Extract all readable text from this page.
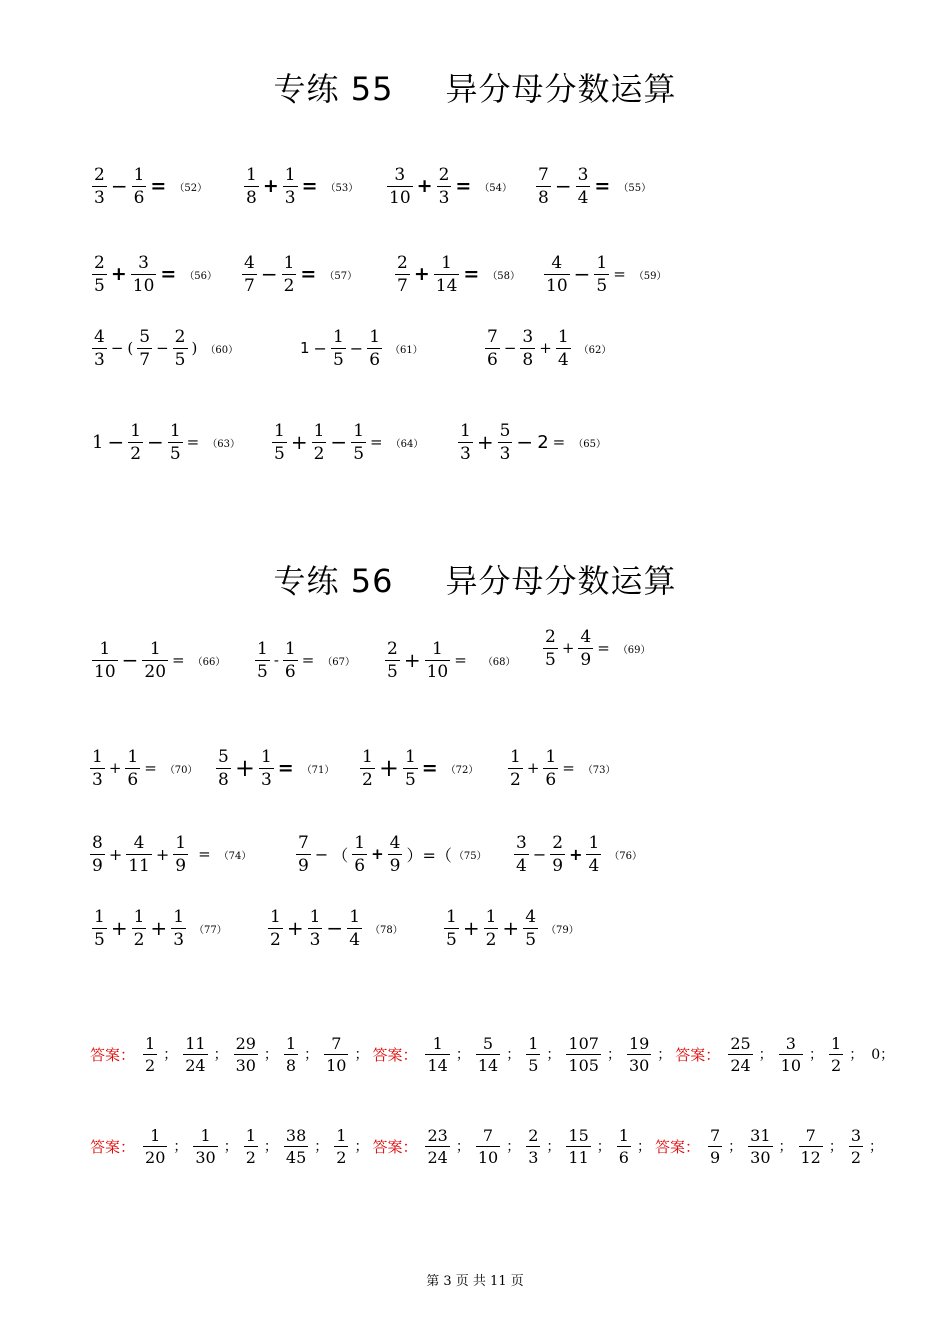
专练 55 异分母分数运算
专练 56 异分母分数运算
$\frac{2}{3} - \frac{1}{6} = (52) \frac{1}{8} + \frac{1}{3} = (53) \frac{3}{10} + \frac{2}{3} = (54) \frac{7}{8} - \frac{3}{4} = (55)$
$\frac{2}{5} + \frac{3}{10} = (56) \frac{4}{7} - \frac{1}{2} = (57) \frac{2}{7} + \frac{1}{14} = (58) \frac{4}{10} - \frac{1}{5} = (59)$
$\frac{4}{3}$ − ( $\frac{5}{7} - \frac{2}{5}$ ) （60）	$1 - \frac{1}{5} - \frac{1}{6} (61)$	$\frac{7}{6} - \frac{3}{8} + \frac{1}{4} (62)$
$1 - \frac{1}{2} - \frac{1}{5} = (63) \frac{1}{5} + \frac{1}{2} - \frac{1}{5} = (64) \frac{1}{3} + \frac{5}{3} - 2 = (65)$
$\frac{1}{10} - \frac{1}{20} = (66) \frac{1}{5} - \frac{1}{6} = (67) \frac{2}{5} + \frac{1}{10} = (68) \frac{2}{5} + \frac{4}{9} = (69)$
$\frac{1}{3} + \frac{1}{6} = (70) \frac{5}{8} + \frac{1}{3} = (71) \frac{1}{2} + \frac{1}{5} = (72) \frac{1}{2} + \frac{1}{6} = (73)$
$\frac{8}{9} + \frac{4}{11} + \frac{1}{9} = (74)$	$\frac{7}{9}$ − （ $\frac{1}{6} + \frac{4}{9}$ ）=（ $(75) \frac{3}{4} - \frac{2}{9} + \frac{1}{4} (76)$
$\frac{1}{5} + \frac{1}{2} + \frac{1}{3} (77) \frac{1}{2} + \frac{1}{3} - \frac{1}{4} (78) \frac{1}{5} + \frac{1}{2} + \frac{4}{5} (79)$
答案： $\frac{1}{2}$ ； $\frac{11}{24}$ ； $\frac{29}{30}$ ； $\frac{1}{8}$ ； $\frac{7}{10}$ ； 答案： $\frac{1}{14}$ ； $\frac{5}{14}$ ； $\frac{1}{5}$ ； $\frac{107}{105}$ ； $\frac{19}{30}$ ； 答案： $\frac{25}{24}$ ； $\frac{3}{10}$ ； $\frac{1}{2}$ ； 0；
答案： $\frac{1}{20}$ ； $\frac{1}{30}$ ； $\frac{1}{2}$ ； $\frac{38}{45}$ ； $\frac{1}{2}$ ； 答案： $\frac{23}{24}$ ； $\frac{7}{10}$ ； $\frac{2}{3}$ ； $\frac{15}{11}$ ； $\frac{1}{6}$ ； 答案： $\frac{7}{9}$ ； $\frac{31}{30}$ ； $\frac{7}{12}$ ； $\frac{3}{2}$ ；
第 3 页 共 11 页
